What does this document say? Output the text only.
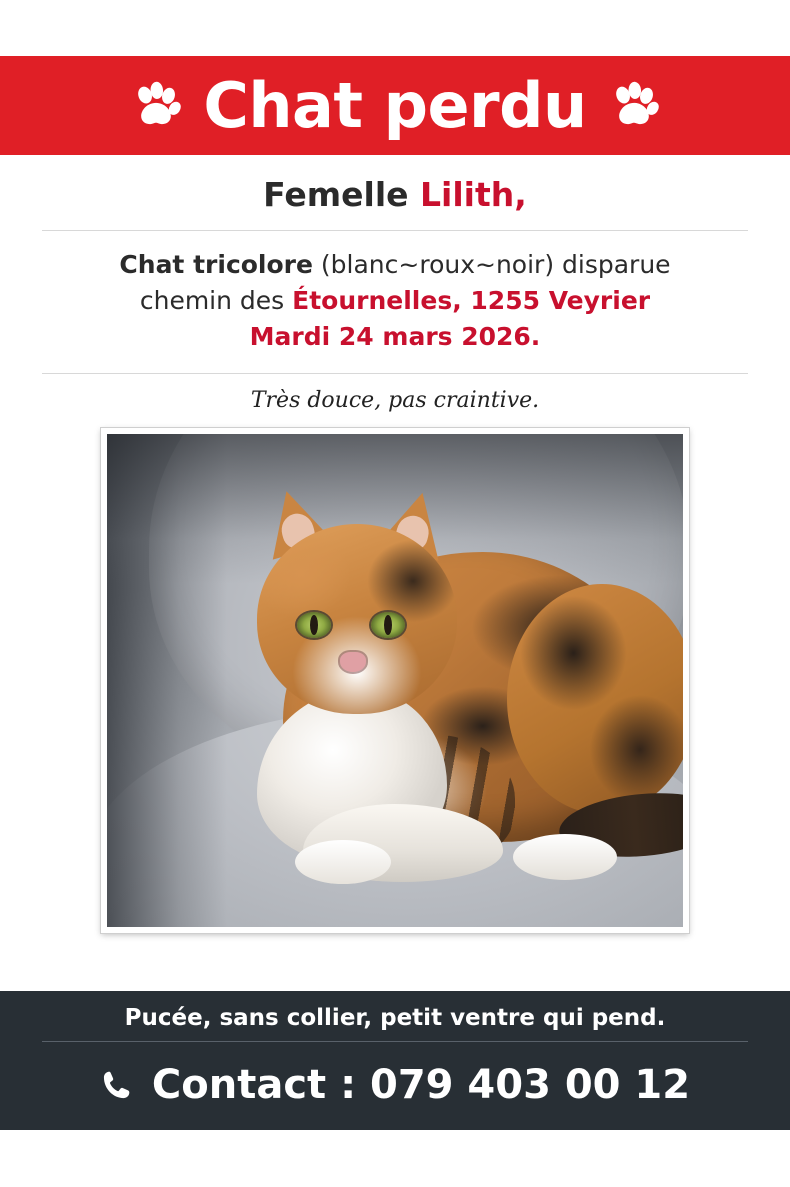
Chat perdu
Femelle Lilith,
Chat tricolore (blanc~roux~noir) disparue
chemin des Étournelles, 1255 Veyrier
Mardi 24 mars 2026.
Très douce, pas craintive.
Pucée, sans collier, petit ventre qui pend.
Contact : 079 403 00 12
